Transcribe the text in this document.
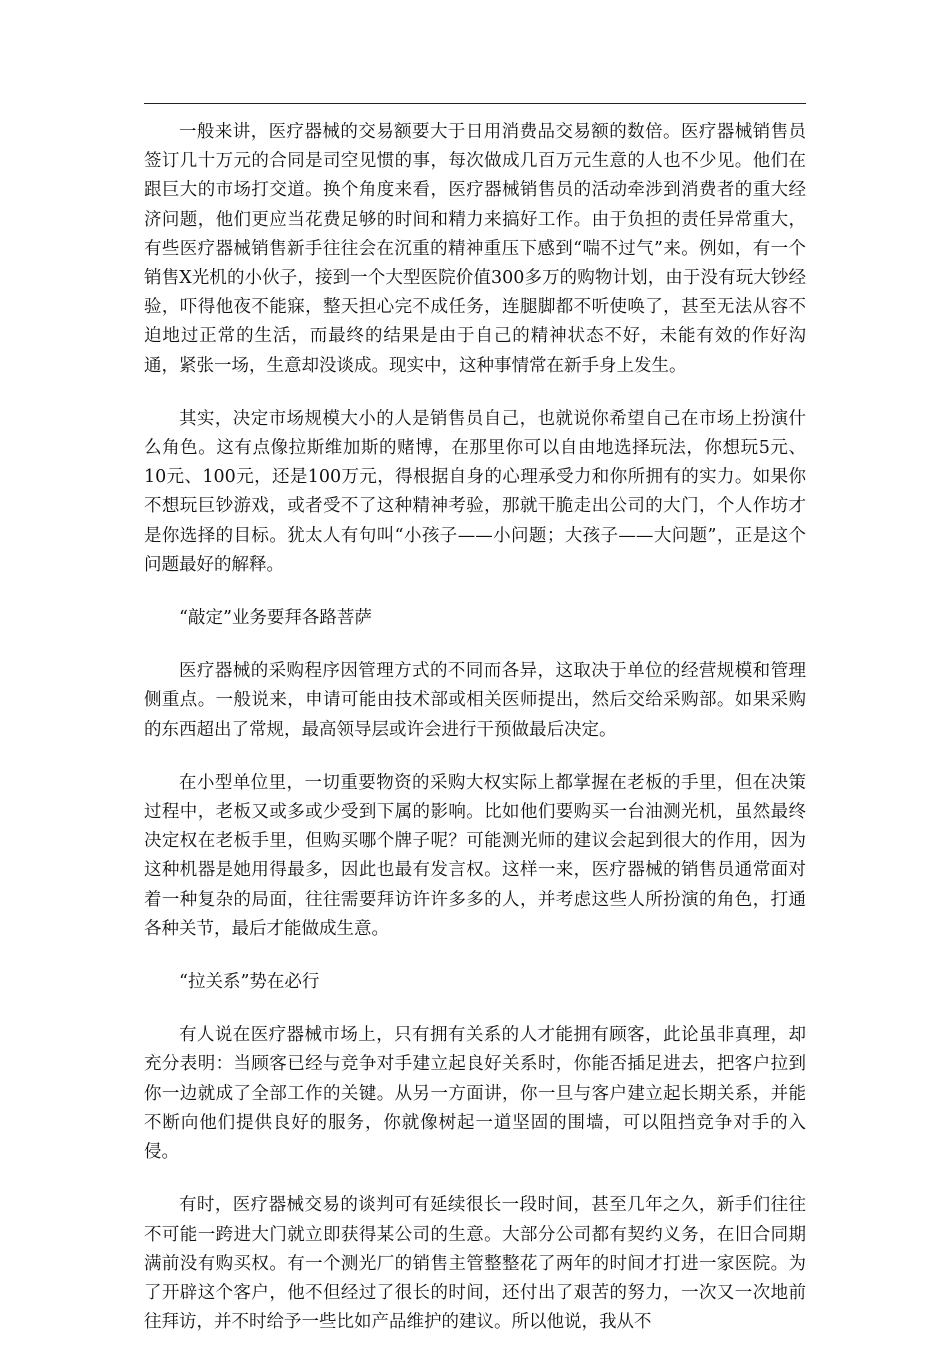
一般来讲，医疗器械的交易额要大于日用消费品交易额的数倍。医疗器械销售员签订几十万元的合同是司空见惯的事，每次做成几百万元生意的人也不少见。他们在跟巨大的市场打交道。换个角度来看，医疗器械销售员的活动牵涉到消费者的重大经济问题，他们更应当花费足够的时间和精力来搞好工作。由于负担的责任异常重大，有些医疗器械销售新手往往会在沉重的精神重压下感到“喘不过气”来。例如，有一个销售X光机的小伙子，接到一个大型医院价值300多万的购物计划，由于没有玩大钞经验，吓得他夜不能寐，整天担心完不成任务，连腿脚都不听使唤了，甚至无法从容不迫地过正常的生活，而最终的结果是由于自己的精神状态不好，未能有效的作好沟通，紧张一场，生意却没谈成。现实中，这种事情常在新手身上发生。

其实，决定市场规模大小的人是销售员自己，也就说你希望自己在市场上扮演什么角色。这有点像拉斯维加斯的赌博，在那里你可以自由地选择玩法，你想玩5元、10元、100元，还是100万元，得根据自身的心理承受力和你所拥有的实力。如果你不想玩巨钞游戏，或者受不了这种精神考验，那就干脆走出公司的大门，个人作坊才是你选择的目标。犹太人有句叫“小孩子——小问题；大孩子——大问题”，正是这个问题最好的解释。

“敲定”业务要拜各路菩萨

医疗器械的采购程序因管理方式的不同而各异，这取决于单位的经营规模和管理侧重点。一般说来，申请可能由技术部或相关医师提出，然后交给采购部。如果采购的东西超出了常规，最高领导层或许会进行干预做最后决定。

在小型单位里，一切重要物资的采购大权实际上都掌握在老板的手里，但在决策过程中，老板又或多或少受到下属的影响。比如他们要购买一台油测光机，虽然最终决定权在老板手里，但购买哪个牌子呢？可能测光师的建议会起到很大的作用，因为这种机器是她用得最多，因此也最有发言权。这样一来，医疗器械的销售员通常面对着一种复杂的局面，往往需要拜访许许多多的人，并考虑这些人所扮演的角色，打通各种关节，最后才能做成生意。

“拉关系”势在必行

有人说在医疗器械市场上，只有拥有关系的人才能拥有顾客，此论虽非真理，却充分表明：当顾客已经与竞争对手建立起良好关系时，你能否插足进去，把客户拉到你一边就成了全部工作的关键。从另一方面讲，你一旦与客户建立起长期关系，并能不断向他们提供良好的服务，你就像树起一道坚固的围墙，可以阻挡竞争对手的入侵。

有时，医疗器械交易的谈判可有延续很长一段时间，甚至几年之久，新手们往往不可能一跨进大门就立即获得某公司的生意。大部分公司都有契约义务，在旧合同期满前没有购买权。有一个测光厂的销售主管整整花了两年的时间才打进一家医院。为了开辟这个客户，他不但经过了很长的时间，还付出了艰苦的努力，一次又一次地前往拜访，并不时给予一些比如产品维护的建议。所以他说，我从不
